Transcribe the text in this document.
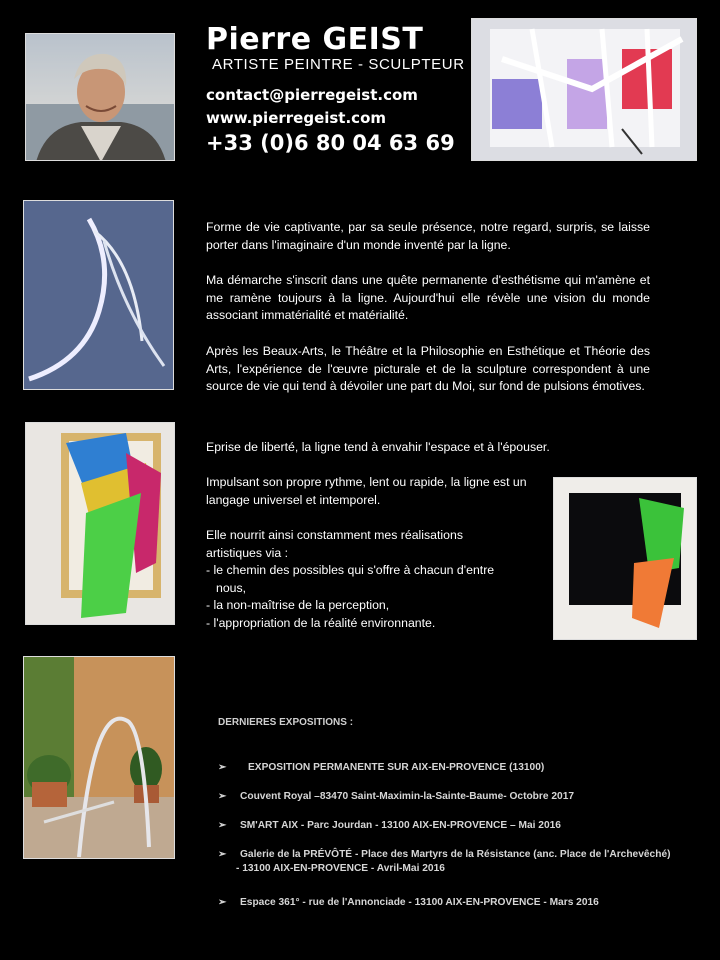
Pierre GEIST
ARTISTE PEINTRE - SCULPTEUR
contact@pierregeist.com
www.pierregeist.com
+33 (0)6 80 04 63 69
Forme de vie captivante, par sa seule présence, notre regard, surpris, se laisse porter dans l'imaginaire d'un monde inventé par la ligne.
Ma démarche s'inscrit dans une quête permanente d'esthétisme qui m'amène et me ramène toujours à la ligne. Aujourd'hui elle révèle une vision du monde associant immatérialité et matérialité.
Après les Beaux-Arts, le Théâtre et la Philosophie en Esthétique et Théorie des Arts, l'expérience de l'œuvre picturale et de la sculpture correspondent à une source de vie qui tend à dévoiler une part du Moi, sur fond de pulsions émotives.
Eprise de liberté, la ligne tend à envahir l'espace et à l'épouser.
Impulsant son propre rythme, lent ou rapide, la ligne est un langage universel et intemporel.
Elle nourrit ainsi constamment mes réalisations artistiques via :
- le chemin des possibles qui s'offre à chacun d'entre
nous,
- la non-maîtrise de la perception,
- l'appropriation de la réalité environnante.
DERNIERES EXPOSITIONS :
➢ EXPOSITION PERMANENTE SUR AIX-EN-PROVENCE (13100)
➢ Couvent Royal –83470 Saint-Maximin-la-Sainte-Baume- Octobre 2017
➢ SM'ART AIX - Parc Jourdan - 13100 AIX-EN-PROVENCE – Mai 2016
➢ Galerie de la PRÉVÔTÉ - Place des Martyrs de la Résistance (anc. Place de l'Archevêché)
- 13100 AIX-EN-PROVENCE - Avril-Mai 2016
➢ Espace 361° - rue de l'Annonciade - 13100 AIX-EN-PROVENCE - Mars 2016
